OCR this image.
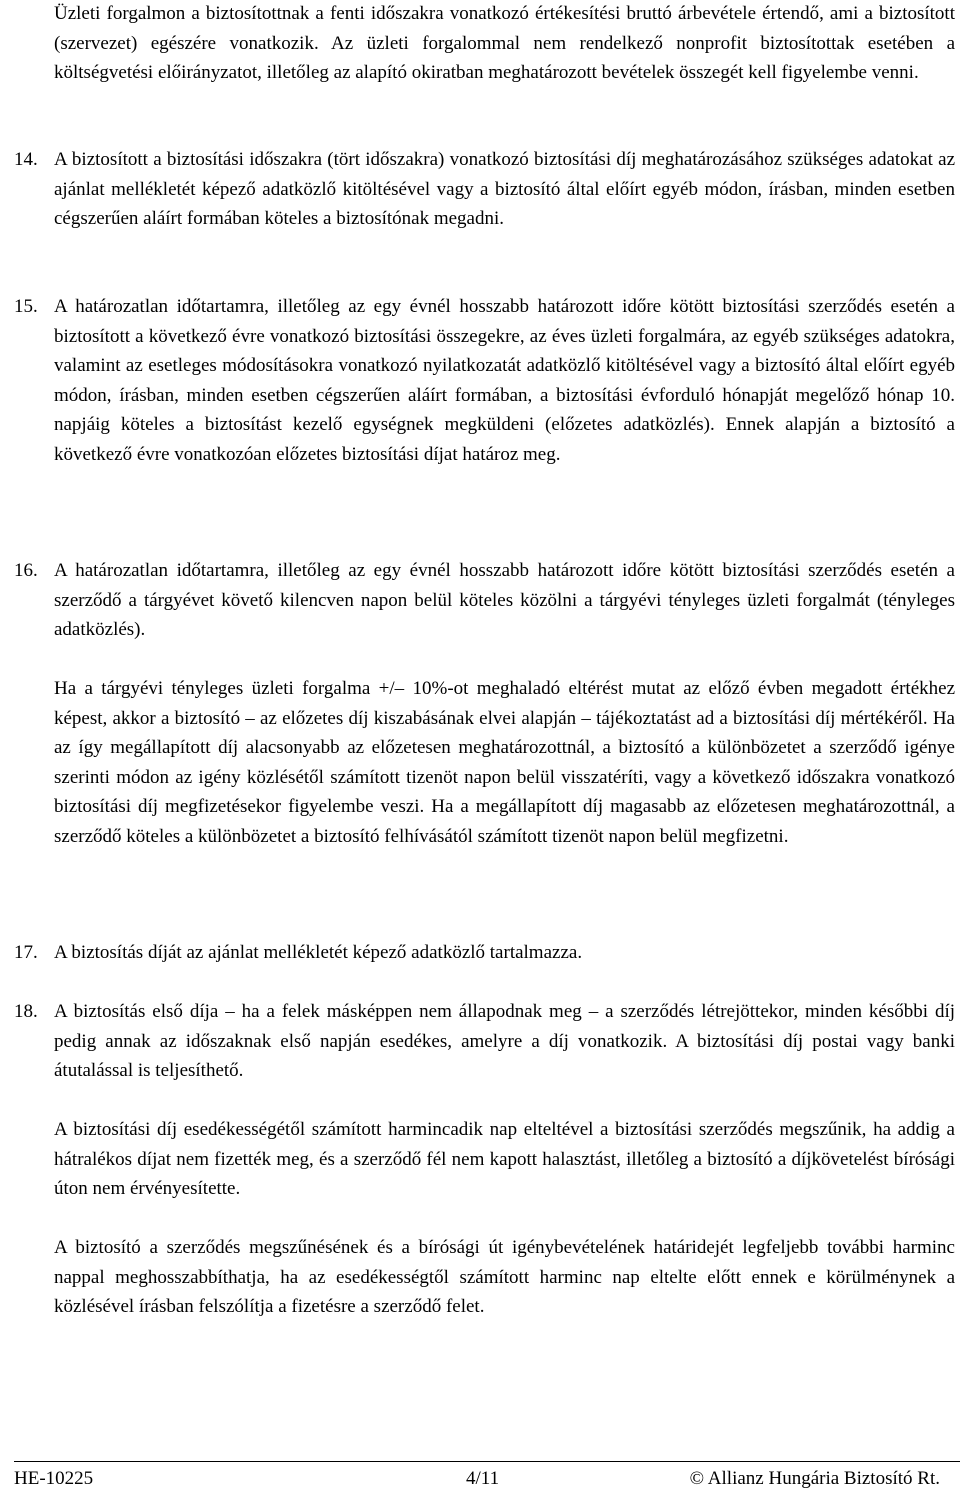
Üzleti forgalmon a biztosítottnak a fenti időszakra vonatkozó értékesítési bruttó árbevétele értendő, ami a biztosított (szervezet) egészére vonatkozik. Az üzleti forgalommal nem rendelkező nonprofit biztosítottak esetében a költségvetési előirányzatot, illetőleg az alapító okiratban meghatározott bevételek összegét kell figyelembe venni.

14. A biztosított a biztosítási időszakra (tört időszakra) vonatkozó biztosítási díj meghatározásához szükséges adatokat az ajánlat mellékletét képező adatközlő kitöltésével vagy a biztosító által előírt egyéb módon, írásban, minden esetben cégszerűen aláírt formában köteles a biztosítónak megadni.

15. A határozatlan időtartamra, illetőleg az egy évnél hosszabb határozott időre kötött biztosítási szerződés esetén a biztosított a következő évre vonatkozó biztosítási összegekre, az éves üzleti forgalmára, az egyéb szükséges adatokra, valamint az esetleges módosításokra vonatkozó nyilatkozatát adatközlő kitöltésével vagy a biztosító által előírt egyéb módon, írásban, minden esetben cégszerűen aláírt formában, a biztosítási évforduló hónapját megelőző hónap 10. napjáig köteles a biztosítást kezelő egységnek megküldeni (előzetes adatközlés). Ennek alapján a biztosító a következő évre vonatkozóan előzetes biztosítási díjat határoz meg.

16. A határozatlan időtartamra, illetőleg az egy évnél hosszabb határozott időre kötött biztosítási szerződés esetén a szerződő a tárgyévet követő kilencven napon belül köteles közölni a tárgyévi tényleges üzleti forgalmát (tényleges adatközlés).

Ha a tárgyévi tényleges üzleti forgalma +/– 10%-ot meghaladó eltérést mutat az előző évben megadott értékhez képest, akkor a biztosító – az előzetes díj kiszabásának elvei alapján – tájékoztatást ad a biztosítási díj mértékéről. Ha az így megállapított díj alacsonyabb az előzetesen meghatározottnál, a biztosító a különbözetet a szerződő igénye szerinti módon az igény közlésétől számított tizenöt napon belül visszatéríti, vagy a következő időszakra vonatkozó biztosítási díj megfizetésekor figyelembe veszi. Ha a megállapított díj magasabb az előzetesen meghatározottnál, a szerződő köteles a különbözetet a biztosító felhívásától számított tizenöt napon belül megfizetni.

17. A biztosítás díját az ajánlat mellékletét képező adatközlő tartalmazza.

18. A biztosítás első díja – ha a felek másképpen nem állapodnak meg – a szerződés létrejöttekor, minden későbbi díj pedig annak az időszaknak első napján esedékes, amelyre a díj vonatkozik. A biztosítási díj postai vagy banki átutalással is teljesíthető.

A biztosítási díj esedékességétől számított harmincadik nap elteltével a biztosítási szerződés megszűnik, ha addig a hátralékos díjat nem fizették meg, és a szerződő fél nem kapott halasztást, illetőleg a biztosító a díjkövetelést bírósági úton nem érvényesítette.

A biztosító a szerződés megszűnésének és a bírósági út igénybevételének határidejét legfeljebb további harminc nappal meghosszabbíthatja, ha az esedékességtől számított harminc nap eltelte előtt ennek e körülménynek a közlésével írásban felszólítja a fizetésre a szerződő felet.

HE-10225	4/11	© Allianz Hungária Biztosító Rt.
